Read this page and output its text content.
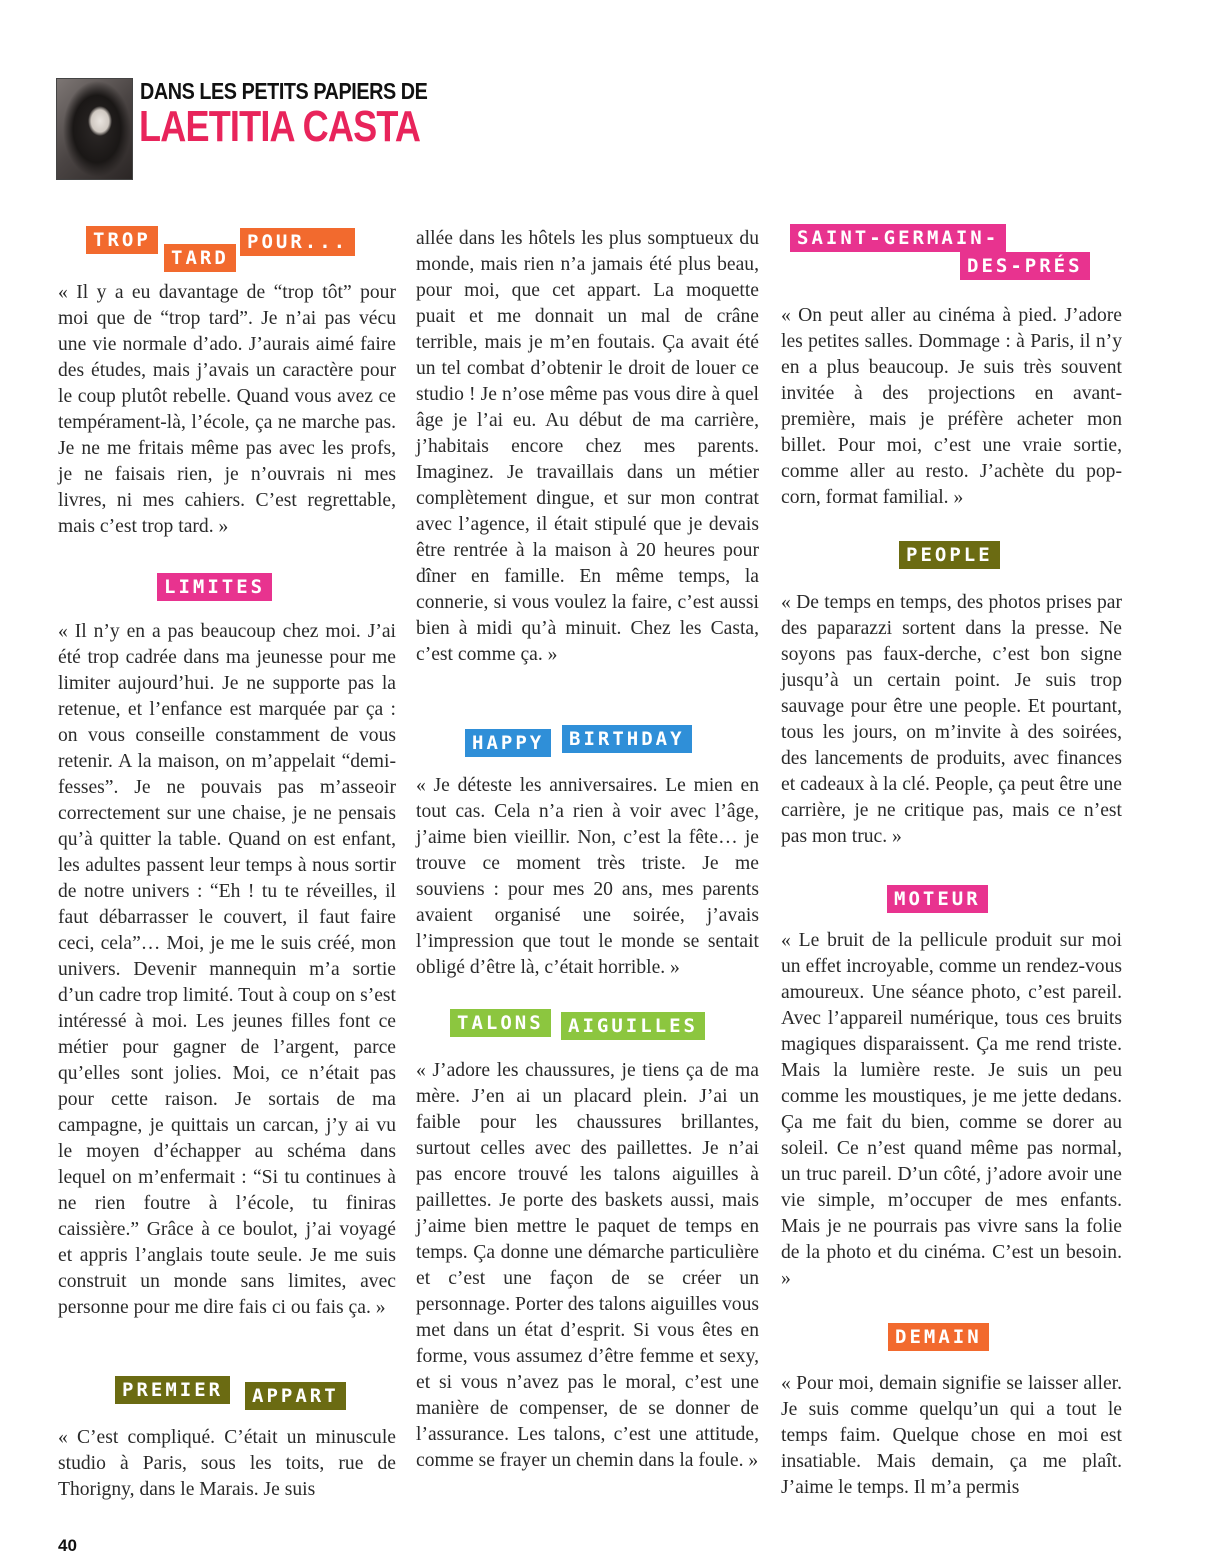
DANS LES PETITS PAPIERS DE
LAETITIA CASTA
TROP
TARD
POUR...

« Il y a eu davantage de “trop tôt” pour moi que de “trop tard”. Je n’ai pas vécu une vie normale d’ado. J’aurais aimé faire des études, mais j’avais un caractère pour le coup plutôt rebelle. Quand vous avez ce tempérament-là, l’école, ça ne marche pas. Je ne me fritais même pas avec les profs, je ne faisais rien, je n’ouvrais ni mes livres, ni mes cahiers. C’est regrettable, mais c’est trop tard. »

LIMITES

« Il n’y en a pas beaucoup chez moi. J’ai été trop cadrée dans ma jeunesse pour me limiter aujourd’hui. Je ne supporte pas la retenue, et l’enfance est marquée par ça : on vous conseille constamment de vous retenir. A la maison, on m’appelait “demi-fesses”. Je ne pouvais pas m’asseoir correctement sur une chaise, je ne pensais qu’à quitter la table. Quand on est enfant, les adultes passent leur temps à nous sortir de notre univers : “Eh ! tu te réveilles, il faut débarrasser le couvert, il faut faire ceci, cela”… Moi, je me le suis créé, mon univers. Devenir mannequin m’a sortie d’un cadre trop limité. Tout à coup on s’est intéressé à moi. Les jeunes filles font ce métier pour gagner de l’argent, parce qu’elles sont jolies. Moi, ce n’était pas pour cette raison. Je sortais de ma campagne, je quittais un carcan, j’y ai vu le moyen d’échapper au schéma dans lequel on m’enfermait : “Si tu continues à ne rien foutre à l’école, tu finiras caissière.” Grâce à ce boulot, j’ai voyagé et appris l’anglais toute seule. Je me suis construit un monde sans limites, avec personne pour me dire fais ci ou fais ça. »

PREMIER	APPART

« C’est compliqué. C’était un minuscule studio à Paris, sous les toits, rue de Thorigny, dans le Marais. Je suis

allée dans les hôtels les plus somptueux du monde, mais rien n’a jamais été plus beau, pour moi, que cet appart. La moquette puait et me donnait un mal de crâne terrible, mais je m’en foutais. Ça avait été un tel combat d’obtenir le droit de louer ce studio ! Je n’ose même pas vous dire à quel âge je l’ai eu. Au début de ma carrière, j’habitais encore chez mes parents. Imaginez. Je travaillais dans un métier complètement dingue, et sur mon contrat avec l’agence, il était stipulé que je devais être rentrée à la maison à 20 heures pour dîner en famille. En même temps, la connerie, si vous voulez la faire, c’est aussi bien à midi qu’à minuit. Chez les Casta, c’est comme ça. »

HAPPY	BIRTHDAY

« Je déteste les anniversaires. Le mien en tout cas. Cela n’a rien à voir avec l’âge, j’aime bien vieillir. Non, c’est la fête… je trouve ce moment très triste. Je me souviens : pour mes 20 ans, mes parents avaient organisé une soirée, j’avais l’impression que tout le monde se sentait obligé d’être là, c’était horrible. »

TALONS	AIGUILLES

« J’adore les chaussures, je tiens ça de ma mère. J’en ai un placard plein. J’ai un faible pour les chaussures brillantes, surtout celles avec des paillettes. Je n’ai pas encore trouvé les talons aiguilles à paillettes. Je porte des baskets aussi, mais j’aime bien mettre le paquet de temps en temps. Ça donne une démarche particulière et c’est une façon de se créer un personnage. Porter des talons aiguilles vous met dans un état d’esprit. Si vous êtes en forme, vous assumez d’être femme et sexy, et si vous n’avez pas le moral, c’est une manière de compenser, de se donner de l’assurance. Les talons, c’est une attitude, comme se frayer un chemin dans la foule. »

SAINT-GERMAIN-
DES-PRÉS

« On peut aller au cinéma à pied. J’adore les petites salles. Dommage : à Paris, il n’y en a plus beaucoup. Je suis très souvent invitée à des projections en avant-première, mais je préfère acheter mon billet. Pour moi, c’est une vraie sortie, comme aller au resto. J’achète du pop-corn, format familial. »

PEOPLE

« De temps en temps, des photos prises par des paparazzi sortent dans la presse. Ne soyons pas faux-derche, c’est bon signe jusqu’à un certain point. Je suis trop sauvage pour être une people. Et pourtant, tous les jours, on m’invite à des soirées, des lancements de produits, avec finances et cadeaux à la clé. People, ça peut être une carrière, je ne critique pas, mais ce n’est pas mon truc. »

MOTEUR

« Le bruit de la pellicule produit sur moi un effet incroyable, comme un rendez-vous amoureux. Une séance photo, c’est pareil. Avec l’appareil numérique, tous ces bruits magiques disparaissent. Ça me rend triste. Mais la lumière reste. Je suis un peu comme les moustiques, je me jette dedans. Ça me fait du bien, comme se dorer au soleil. Ce n’est quand même pas normal, un truc pareil. D’un côté, j’adore avoir une vie simple, m’occuper de mes enfants. Mais je ne pourrais pas vivre sans la folie de la photo et du cinéma. C’est un besoin. »

DEMAIN

« Pour moi, demain signifie se laisser aller. Je suis comme quelqu’un qui a tout le temps faim. Quelque chose en moi est insatiable. Mais demain, ça me plaît. J’aime le temps. Il m’a permis

40
